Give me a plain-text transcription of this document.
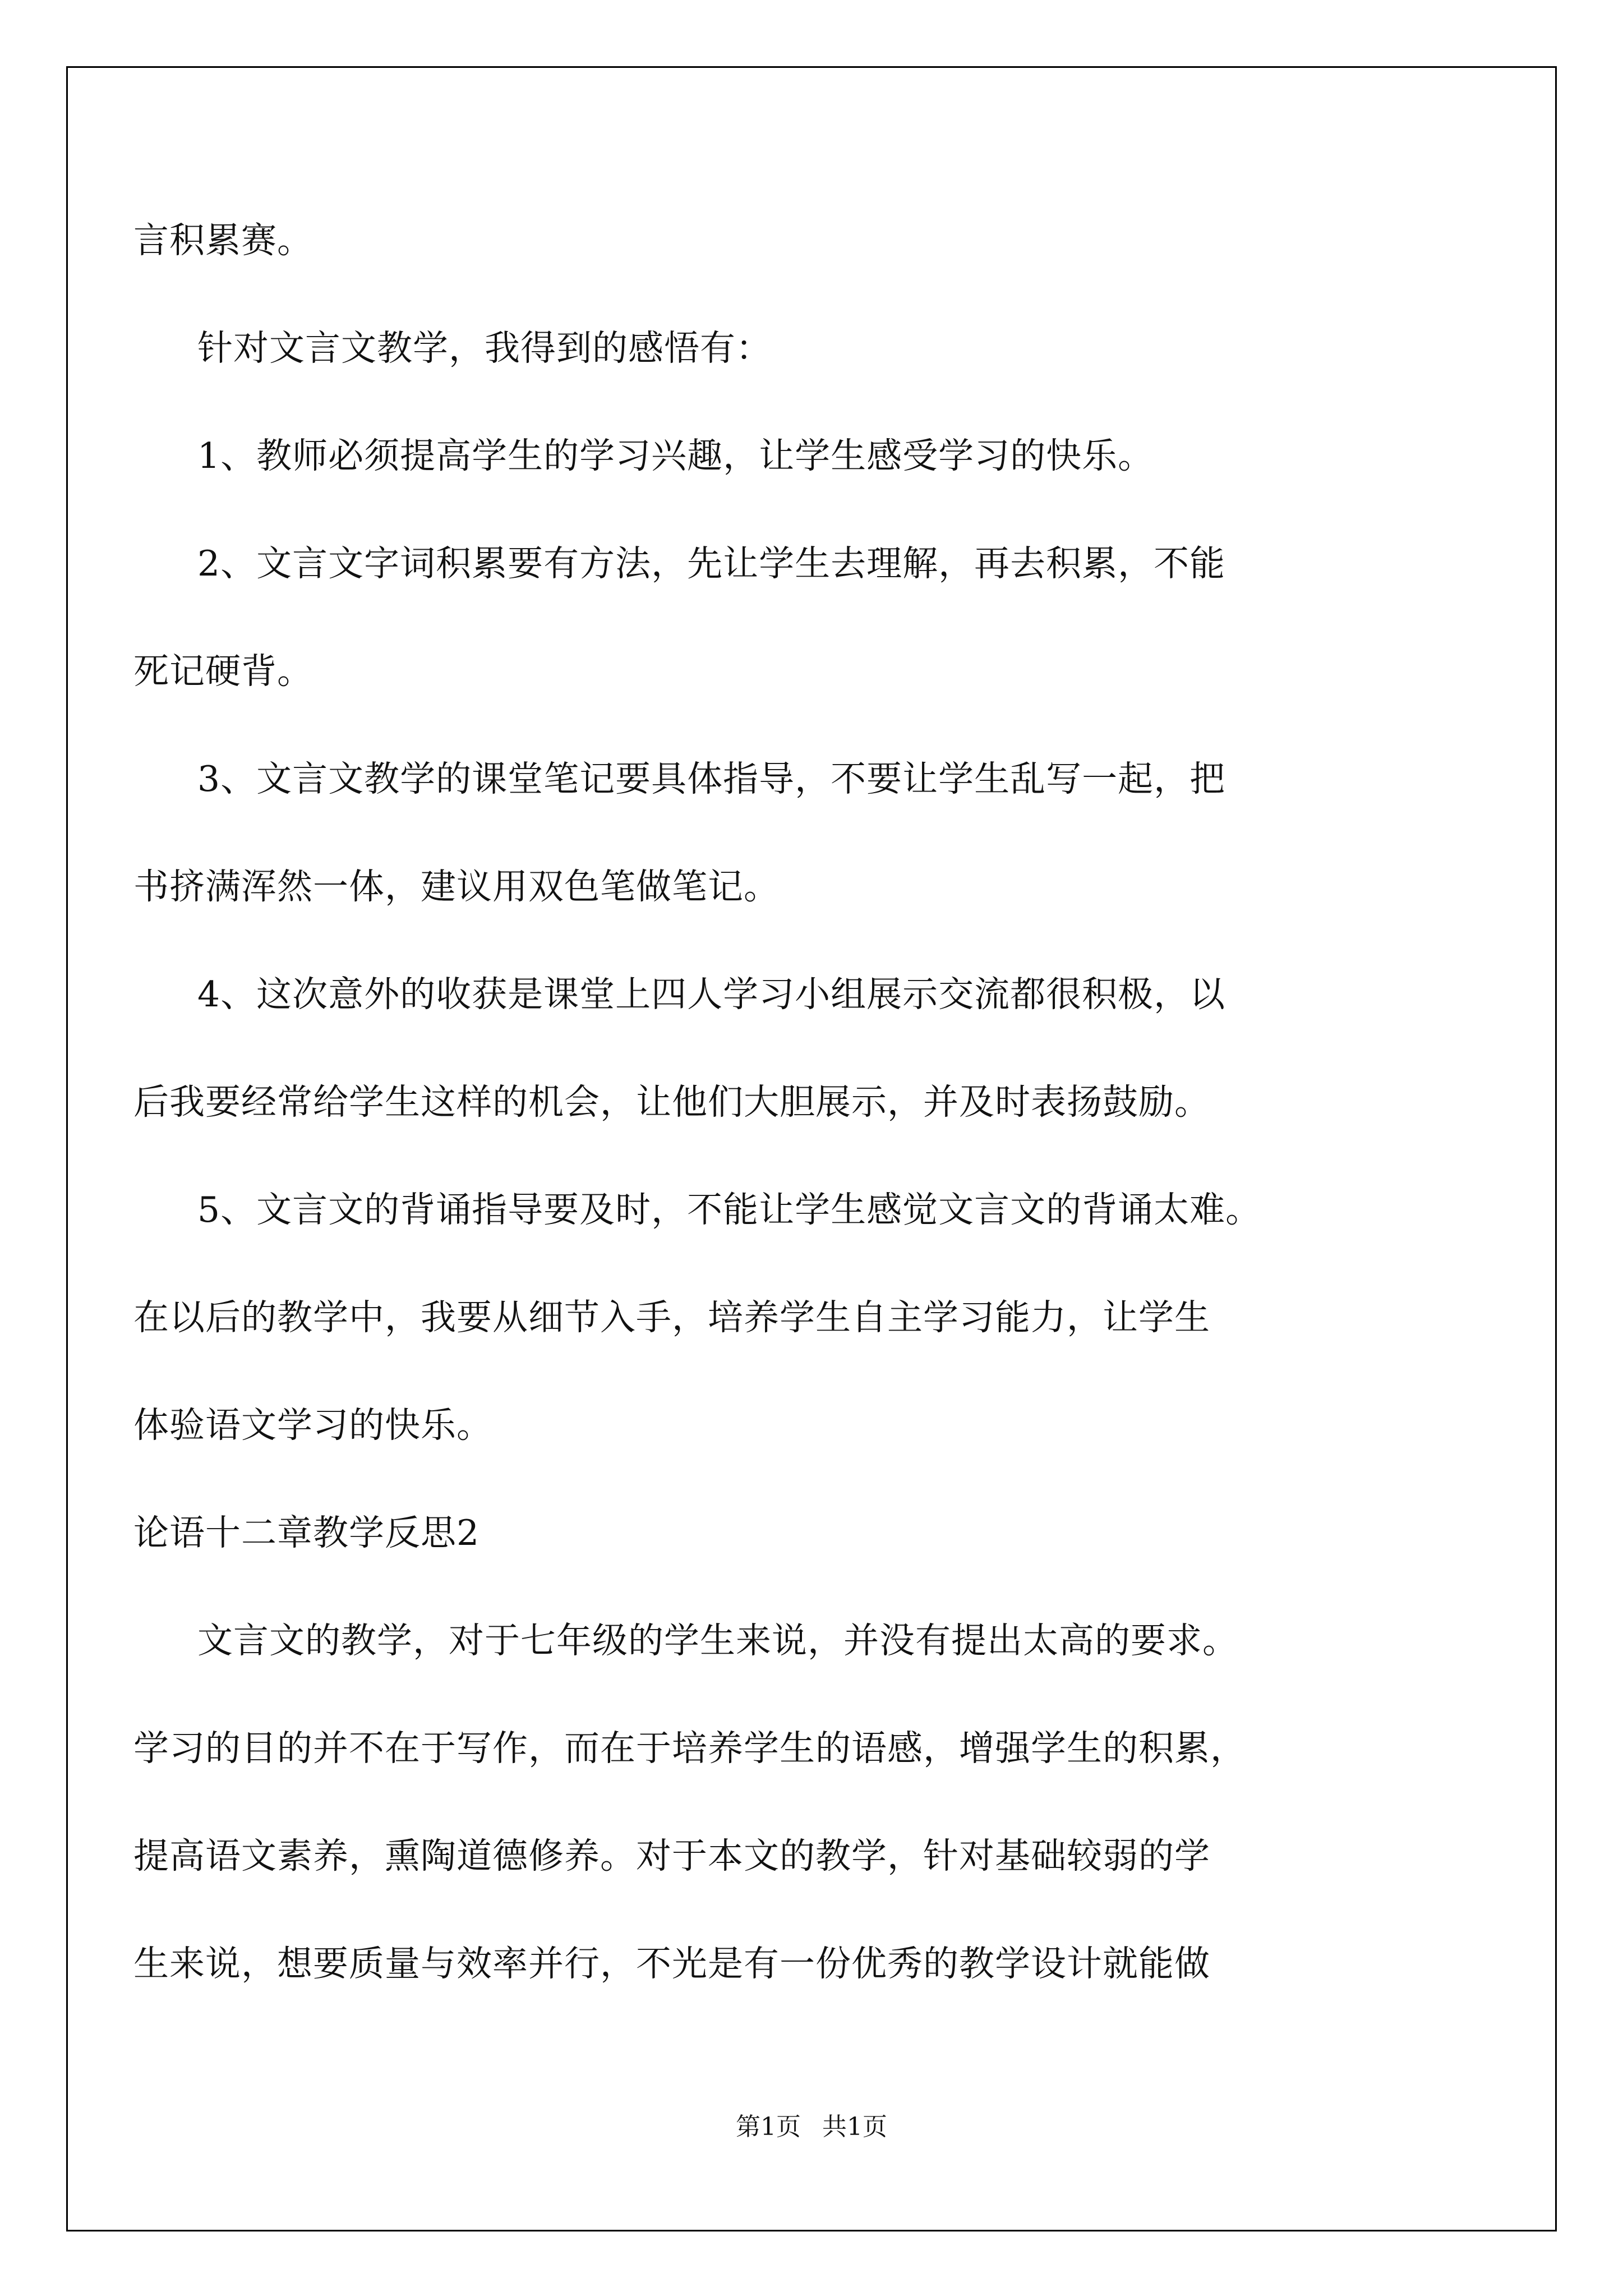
言积累赛。
针对文言文教学，我得到的感悟有：
1、教师必须提高学生的学习兴趣，让学生感受学习的快乐。
2、文言文字词积累要有方法，先让学生去理解，再去积累，不能
死记硬背。
3、文言文教学的课堂笔记要具体指导，不要让学生乱写一起，把
书挤满浑然一体，建议用双色笔做笔记。
4、这次意外的收获是课堂上四人学习小组展示交流都很积极，以
后我要经常给学生这样的机会，让他们大胆展示，并及时表扬鼓励。
5、文言文的背诵指导要及时，不能让学生感觉文言文的背诵太难。
在以后的教学中，我要从细节入手，培养学生自主学习能力，让学生
体验语文学习的快乐。
论语十二章教学反思2
文言文的教学，对于七年级的学生来说，并没有提出太高的要求。
学习的目的并不在于写作，而在于培养学生的语感，增强学生的积累，
提高语文素养，熏陶道德修养。对于本文的教学，针对基础较弱的学
生来说，想要质量与效率并行，不光是有一份优秀的教学设计就能做
第1页 共1页
